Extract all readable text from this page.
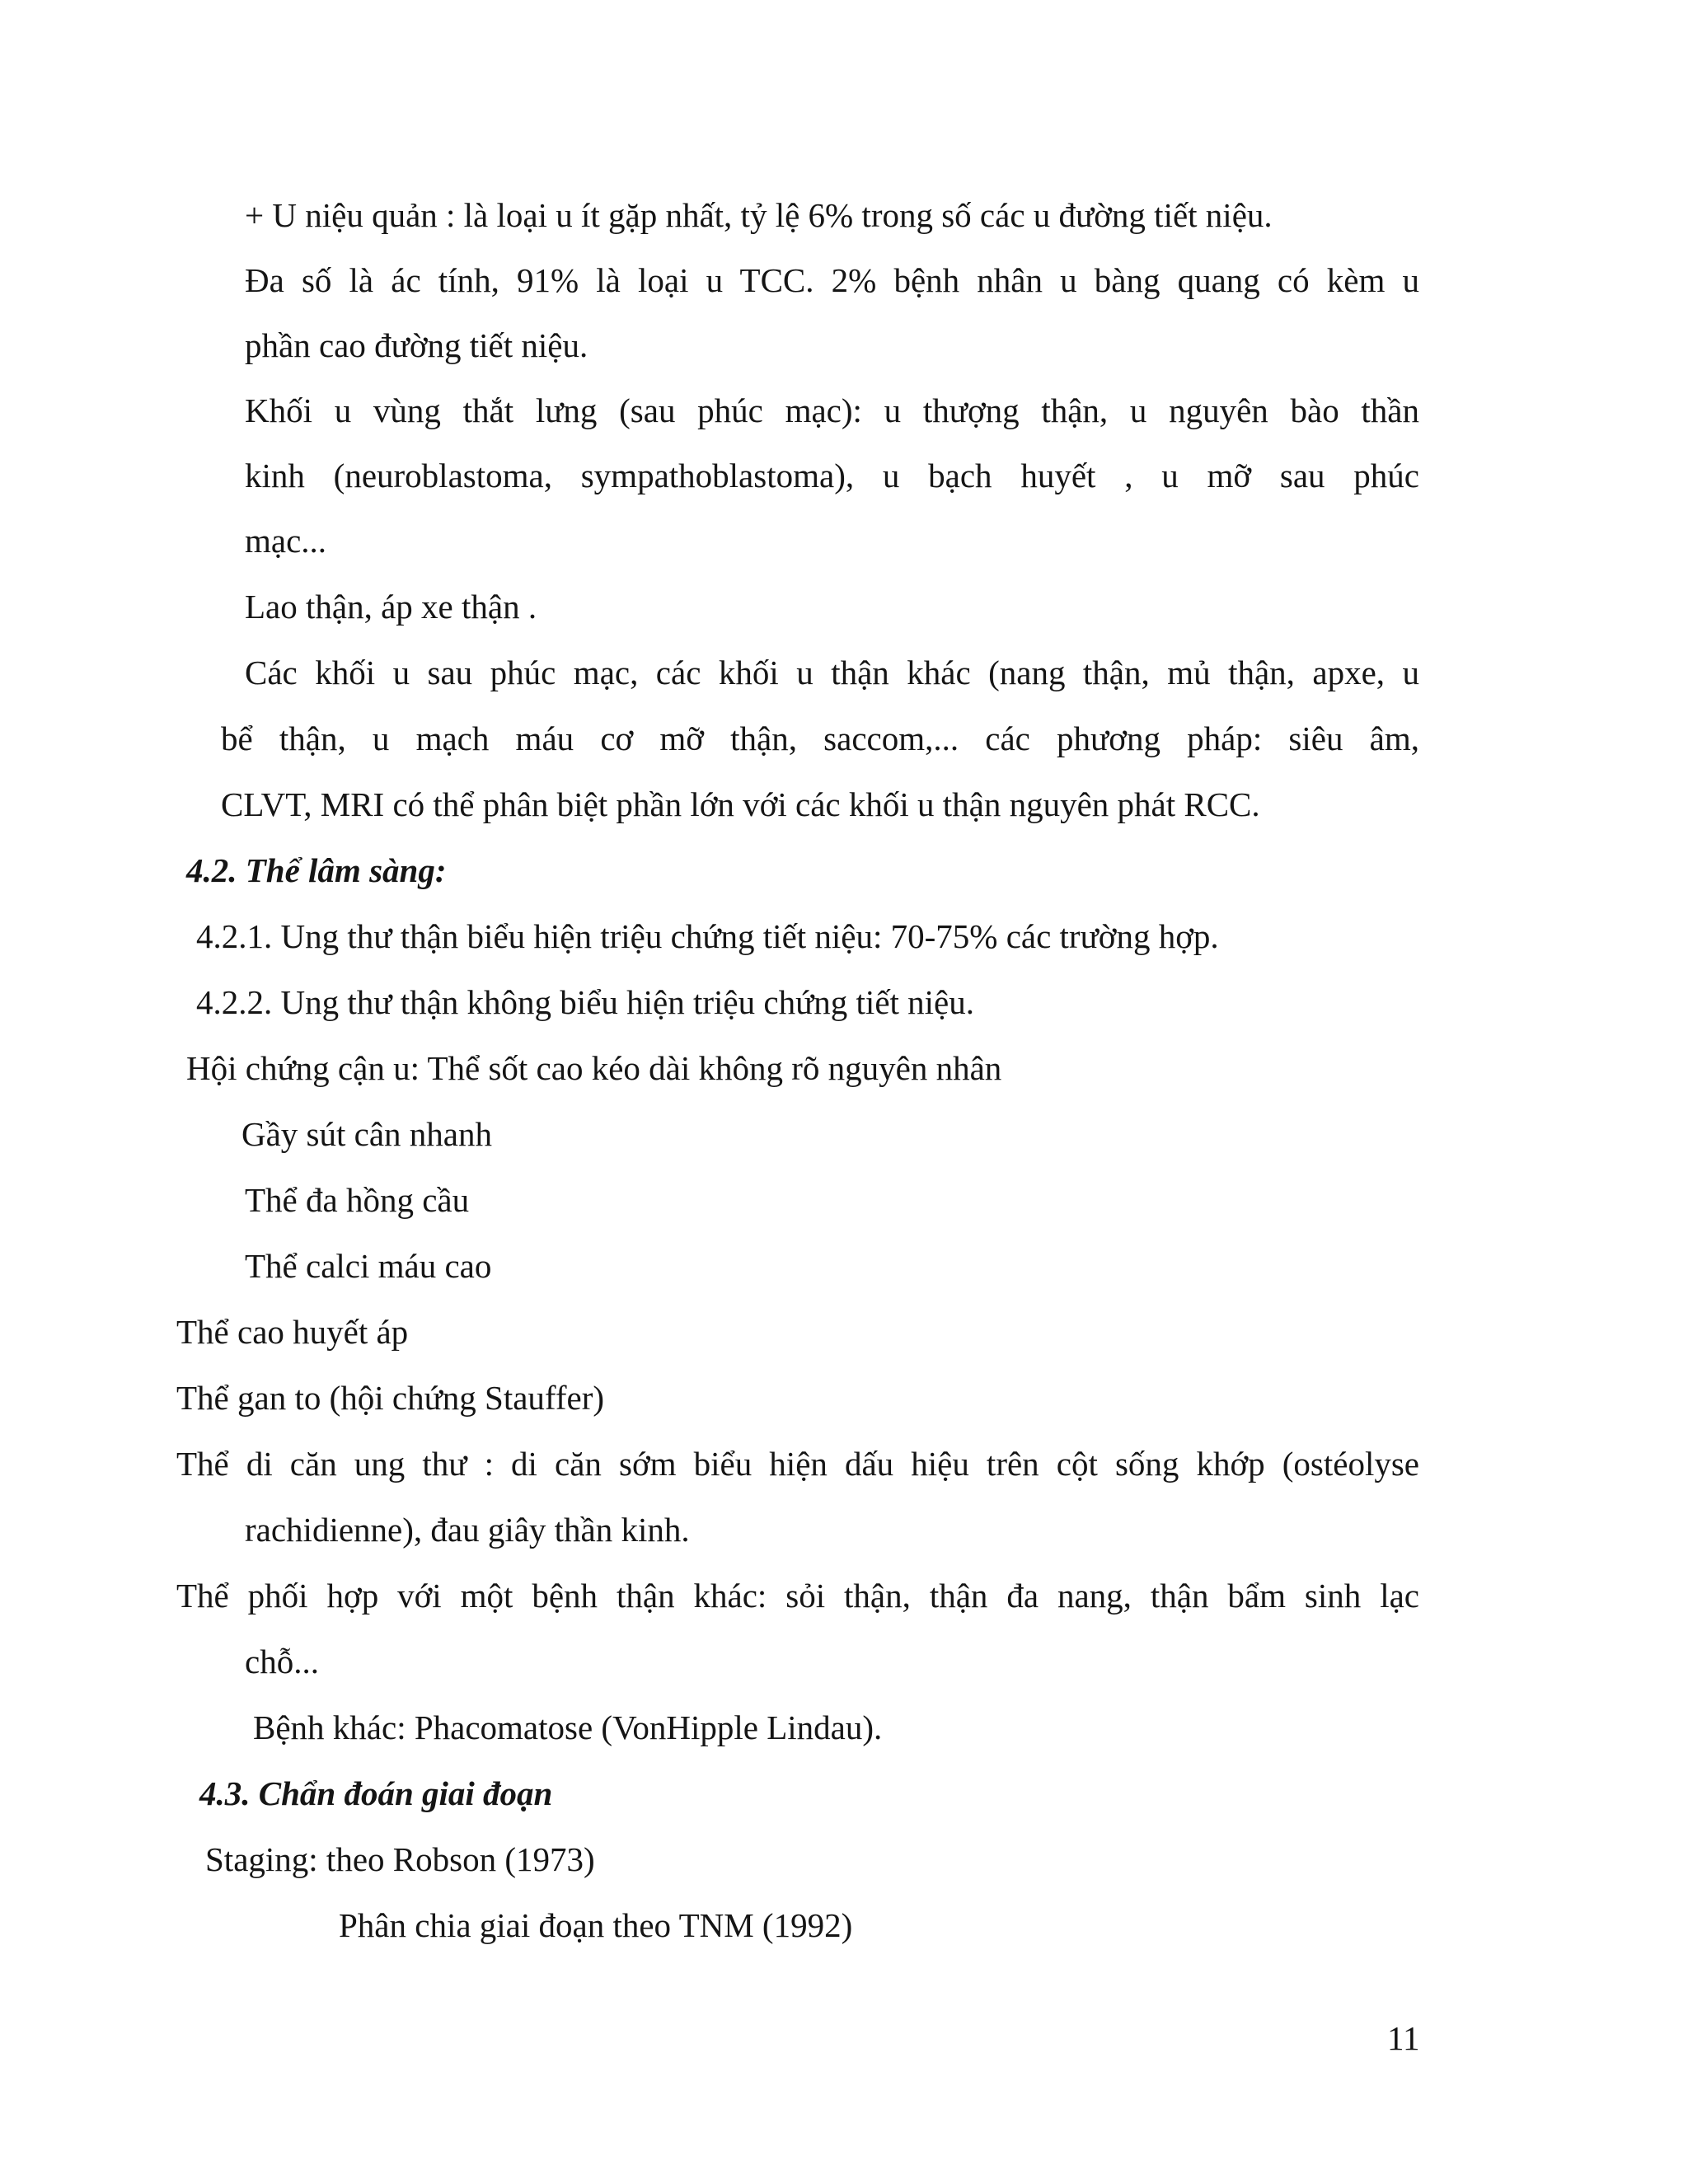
+ U niệu quản : là loại u ít gặp nhất, tỷ lệ 6% trong số các u đường tiết niệu.
Đa số là ác tính, 91% là loại u TCC. 2% bệnh nhân u bàng quang có kèm u
phần cao đường tiết niệu.
Khối u vùng thắt lưng (sau phúc mạc): u thượng thận, u nguyên bào thần
kinh (neuroblastoma, sympathoblastoma), u bạch huyết , u mỡ sau phúc
mạc...
Lao thận, áp xe thận .
Các khối u sau phúc mạc, các khối u thận khác (nang thận, mủ thận, apxe, u
bể thận, u mạch máu cơ mỡ thận, saccom,... các phương pháp: siêu âm,
CLVT, MRI có thể phân biệt phần lớn với các khối u thận nguyên phát RCC.
4.2. Thể lâm sàng:
4.2.1. Ung thư thận biểu hiện triệu chứng tiết niệu: 70-75% các trường hợp.
4.2.2. Ung thư thận không biểu hiện triệu chứng tiết niệu.
Hội chứng cận u: Thể sốt cao kéo dài không rõ nguyên nhân
Gầy sút cân nhanh
Thể đa hồng cầu
Thể calci máu cao
Thể cao huyết áp
Thể gan to (hội chứng Stauffer)
Thể di căn ung thư : di căn sớm biểu hiện dấu hiệu trên cột sống khớp (ostéolyse
rachidienne), đau giây thần kinh.
Thể phối hợp với một bệnh thận khác: sỏi thận, thận đa nang, thận bẩm sinh lạc
chỗ...
Bệnh khác: Phacomatose (VonHipple Lindau).
4.3. Chẩn đoán giai đoạn
Staging: theo Robson (1973)
Phân chia giai đoạn theo TNM (1992)
11
